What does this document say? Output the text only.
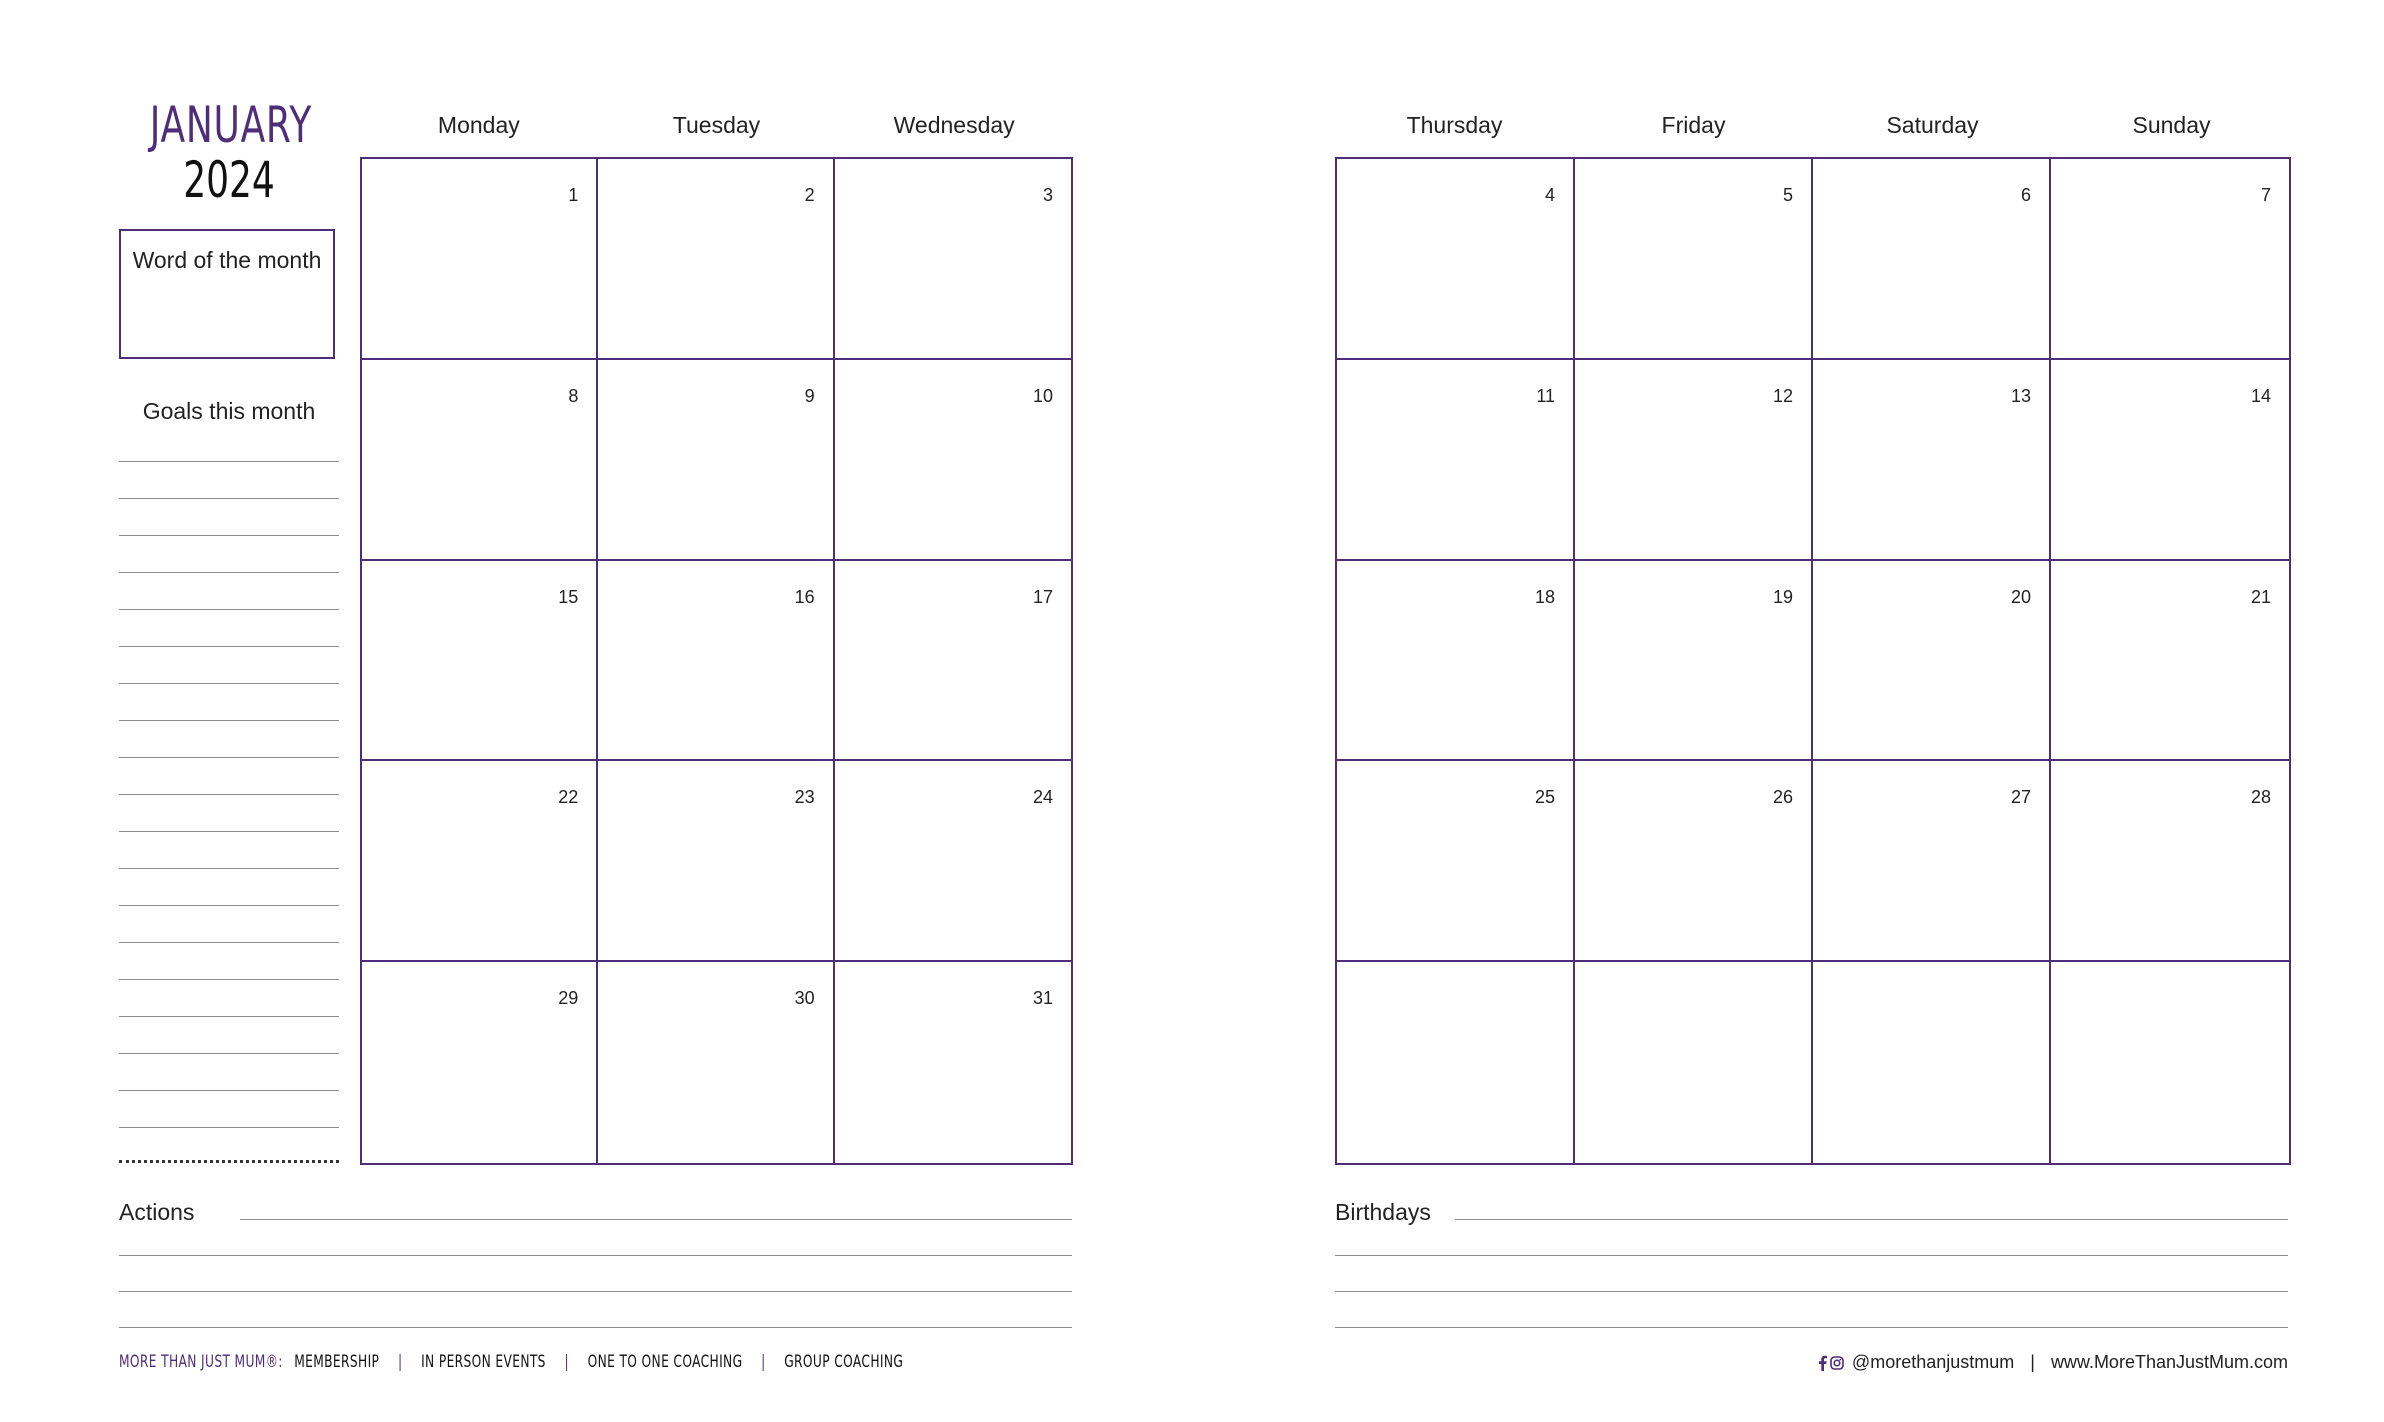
JANUARY
2024
Word of the month
Goals this month
Monday	Tuesday	Wednesday	Thursday	Friday	Saturday	Sunday
1	2	3
8	9	10
15	16	17
22	23	24
29	30	31
4	5	6	7
11	12	13	14
18	19	20	21
25	26	27	28
Actions	Birthdays
MORE THAN JUST MUM®: MEMBERSHIP | IN PERSON EVENTS | ONE TO ONE COACHING | GROUP COACHING	@morethanjustmum | www.MoreThanJustMum.com
